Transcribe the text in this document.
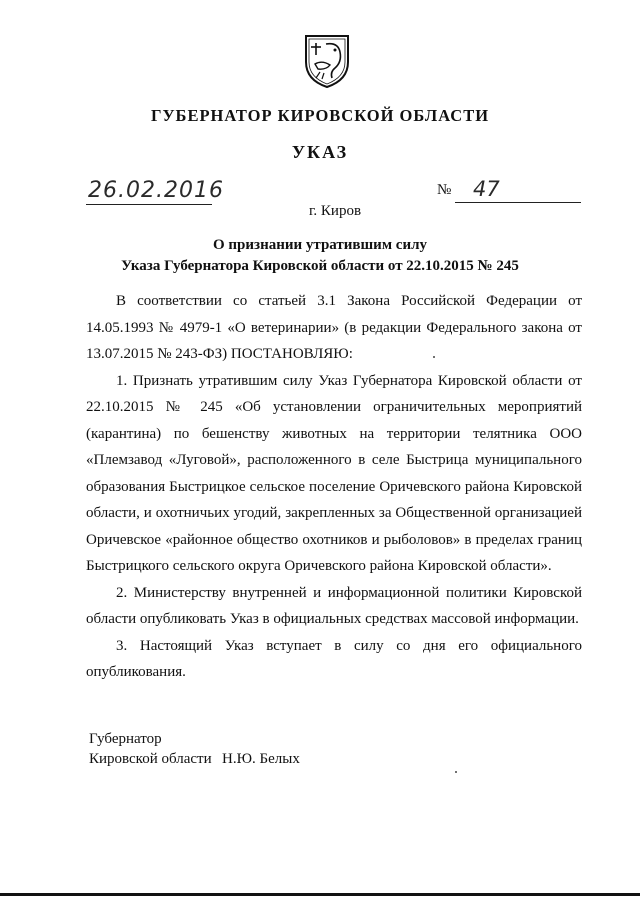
ГУБЕРНАТОР КИРОВСКОЙ ОБЛАСТИ
УКАЗ
26.02.2016	№ 47
г. Киров
О признании утратившим силу
Указа Губернатора Кировской области от 22.10.2015 № 245

В соответствии со статьей 3.1 Закона Российской Федерации от 14.05.1993 № 4979-1 «О ветеринарии» (в редакции Федерального закона от 13.07.2015 № 243-ФЗ) ПОСТАНОВЛЯЮ:

1. Признать утратившим силу Указ Губернатора Кировской области от 22.10.2015 № 245 «Об установлении ограничительных мероприятий (карантина) по бешенству животных на территории телятника ООО «Племзавод «Луговой», расположенного в селе Быстрица муниципального образования Быстрицкое сельское поселение Оричевского района Кировской области, и охотничьих угодий, закрепленных за Общественной организацией Оричевское «районное общество охотников и рыболовов» в пределах границ Быстрицкого сельского округа Оричевского района Кировской области».

2. Министерству внутренней и информационной политики Кировской области опубликовать Указ в официальных средствах массовой информации.

3. Настоящий Указ вступает в силу со дня его официального опубликования.

Губернатор
Кировской области Н.Ю. Белых
